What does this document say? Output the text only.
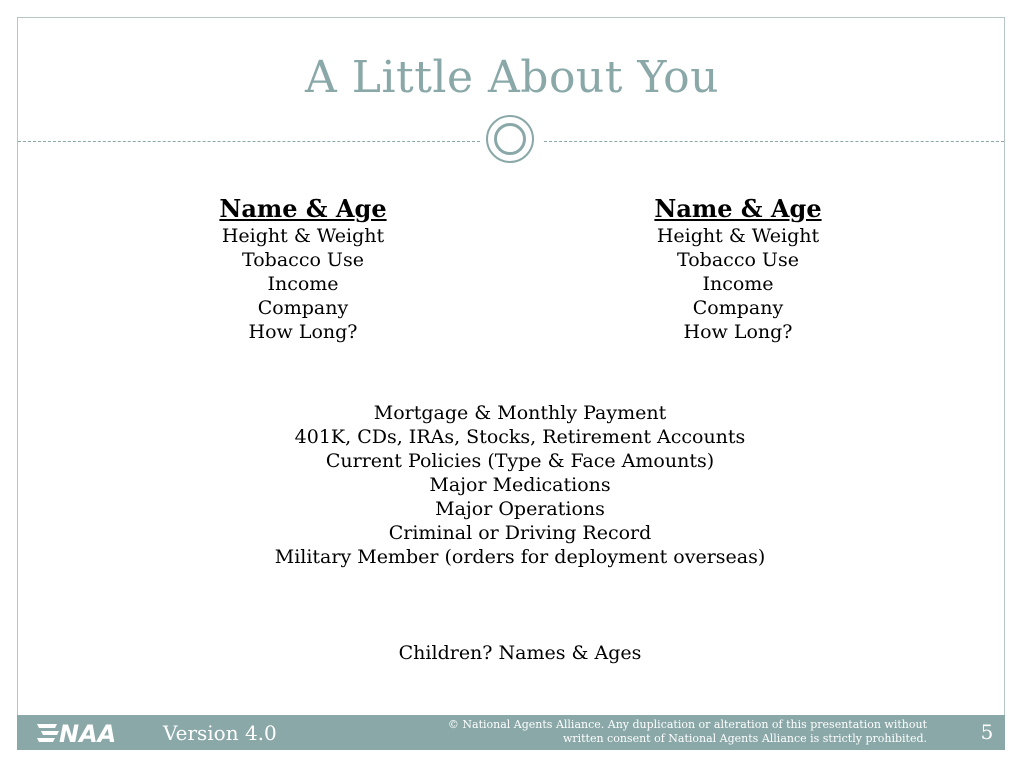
A Little About You
Name & Age
Height & Weight
Tobacco Use
Income
Company
How Long?
Name & Age
Height & Weight
Tobacco Use
Income
Company
How Long?
Mortgage & Monthly Payment
401K, CDs, IRAs, Stocks, Retirement Accounts
Current Policies (Type & Face Amounts)
Major Medications
Major Operations
Criminal or Driving Record
Military Member (orders for deployment overseas)
Children? Names & Ages
NAA Version 4.0	© National Agents Alliance. Any duplication or alteration of this presentation without
written consent of National Agents Alliance is strictly prohibited.	5
